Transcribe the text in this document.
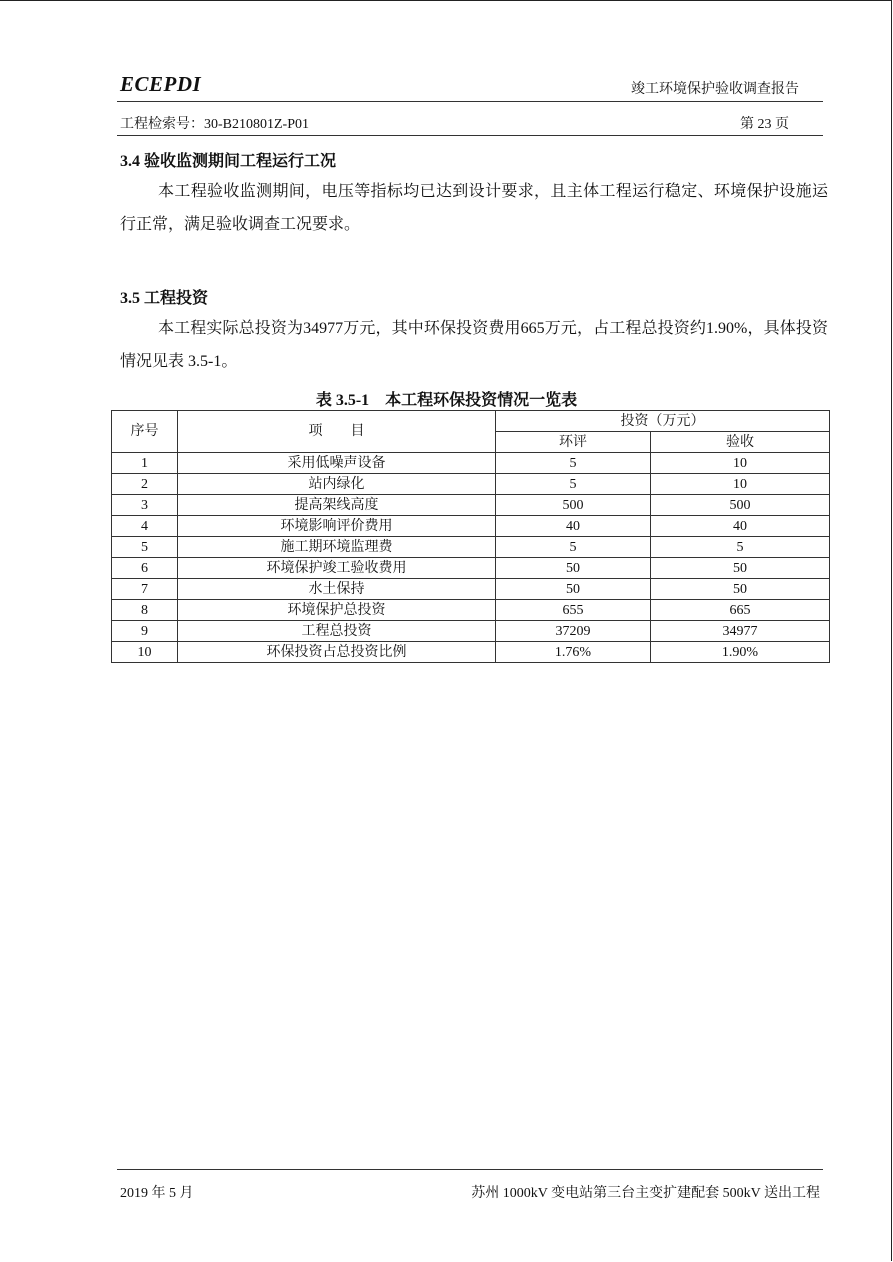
ECEPDI	竣工环境保护验收调查报告
工程检索号：30-B210801Z-P01	第 23 页
3.4 验收监测期间工程运行工况
本工程验收监测期间，电压等指标均已达到设计要求，且主体工程运行稳定、环境保护设施运行正常，满足验收调查工况要求。
3.5 工程投资
本工程实际总投资为34977万元，其中环保投资费用665万元，占工程总投资约1.90%，具体投资情况见表 3.5-1。
表 3.5-1　本工程环保投资情况一览表
序号	项　　目	投资（万元）	
		环评	验收
1	采用低噪声设备	5	10
2	站内绿化	5	10
3	提高架线高度	500	500
4	环境影响评价费用	40	40
5	施工期环境监理费	5	5
6	环境保护竣工验收费用	50	50
7	水土保持	50	50
8	环境保护总投资	655	665
9	工程总投资	37209	34977
10	环保投资占总投资比例	1.76%	1.90%
2019 年 5 月	苏州 1000kV 变电站第三台主变扩建配套 500kV 送出工程
